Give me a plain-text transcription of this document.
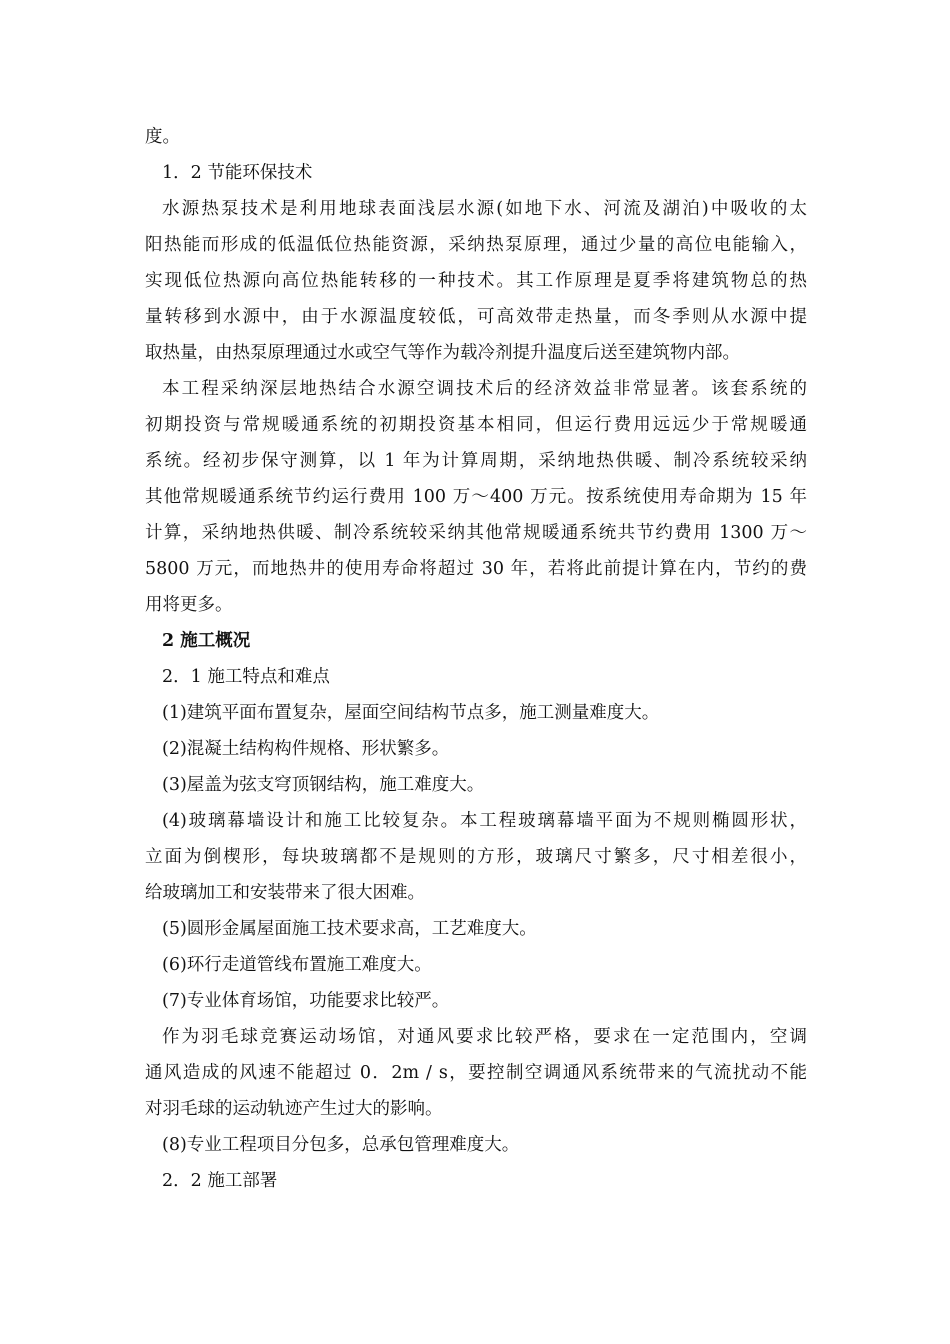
度。
1．2 节能环保技术
水源热泵技术是利用地球表面浅层水源(如地下水、河流及湖泊)中吸收的太
阳热能而形成的低温低位热能资源，采纳热泵原理，通过少量的高位电能输入，
实现低位热源向高位热能转移的一种技术。其工作原理是夏季将建筑物总的热
量转移到水源中，由于水源温度较低，可高效带走热量，而冬季则从水源中提
取热量，由热泵原理通过水或空气等作为载冷剂提升温度后送至建筑物内部。
本工程采纳深层地热结合水源空调技术后的经济效益非常显著。该套系统的
初期投资与常规暖通系统的初期投资基本相同，但运行费用远远少于常规暖通
系统。经初步保守测算，以 1 年为计算周期，采纳地热供暖、制冷系统较采纳
其他常规暖通系统节约运行费用 100 万～400 万元。按系统使用寿命期为 15 年
计算，采纳地热供暖、制冷系统较采纳其他常规暖通系统共节约费用 1300 万～
5800 万元，而地热井的使用寿命将超过 30 年，若将此前提计算在内，节约的费
用将更多。
2 施工概况
2．1 施工特点和难点
(1)建筑平面布置复杂，屋面空间结构节点多，施工测量难度大。
(2)混凝土结构构件规格、形状繁多。
(3)屋盖为弦支穹顶钢结构，施工难度大。
(4)玻璃幕墙设计和施工比较复杂。本工程玻璃幕墙平面为不规则椭圆形状，
立面为倒楔形，每块玻璃都不是规则的方形，玻璃尺寸繁多，尺寸相差很小，
给玻璃加工和安装带来了很大困难。
(5)圆形金属屋面施工技术要求高，工艺难度大。
(6)环行走道管线布置施工难度大。
(7)专业体育场馆，功能要求比较严。
作为羽毛球竞赛运动场馆，对通风要求比较严格，要求在一定范围内，空调
通风造成的风速不能超过 0．2m / s，要控制空调通风系统带来的气流扰动不能
对羽毛球的运动轨迹产生过大的影响。
(8)专业工程项目分包多，总承包管理难度大。
2．2 施工部署
